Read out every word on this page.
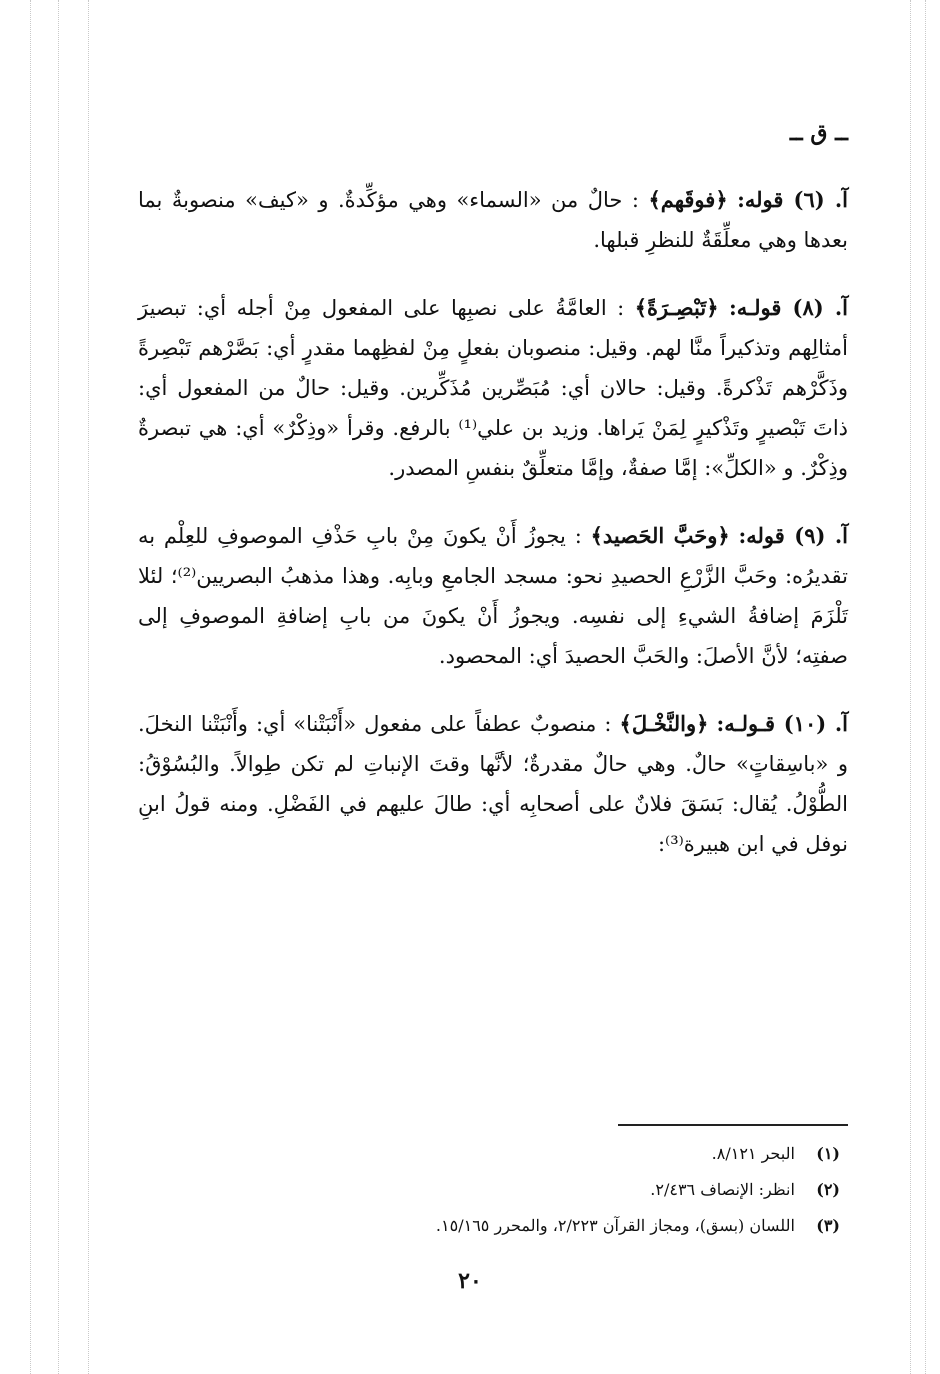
ــ ق ــ

آ. (٦) قوله: ﴿فوقَهم﴾ : حالٌ من «السماء» وهي مؤكِّدةٌ. و «كيف» منصوبةٌ بما بعدها وهي معلِّقَةٌ للنظرِ قبلها.

آ. (٨) قولـه: ﴿تَبْصِـرَةً﴾ : العامَّةُ على نصبِها على المفعول مِنْ أجله أي: تبصيرَ أمثالِهم وتذكيراً منَّا لهم. وقيل: منصوبان بفعلٍ مِنْ لفظِهما مقدرٍ أي: بَصَّرْهم تَبْصِرةً وذَكَّرْهم تَذْكرةً. وقيل: حالان أي: مُبَصِّرين مُذَكِّرين. وقيل: حالٌ من المفعول أي: ذاتَ تَبْصيرٍ وتَذْكيرٍ لِمَنْ يَراها. وزيد بن علي⁽¹⁾ بالرفع. وقرأ «وذِكْرٌ» أي: هي تبصرةٌ وذِكْرٌ. و «الكلِّ»: إمَّا صفةٌ، وإمَّا متعلِّقٌ بنفسِ المصدر.

آ. (٩) قوله: ﴿وحَبَّ الحَصيد﴾ : يجوزُ أَنْ يكونَ مِنْ بابِ حَذْفِ الموصوفِ للعِلْم به تقديرُه: وحَبَّ الزَّرْعِ الحصيدِ نحو: مسجد الجامعِ وبابِه. وهذا مذهبُ البصريين⁽²⁾؛ لئلا تَلْزَمَ إضافةُ الشيءِ إلى نفسِه. ويجوزُ أَنْ يكونَ من بابِ إضافةِ الموصوفِ إلى صفتِه؛ لأنَّ الأصلَ: والحَبَّ الحصيدَ أي: المحصود.

آ. (١٠) قـولـه: ﴿والنَّخْـلَ﴾ : منصوبٌ عطفاً على مفعول «أَنْبَتْنا» أي: وأَنْبَتْنا النخلَ. و «باسِقاتٍ» حالٌ. وهي حالٌ مقدرةٌ؛ لأنَّها وقتَ الإنباتِ لم تكن طِوالاً. والبُسُوْقُ: الطُّوْلُ. يُقال: بَسَقَ فلانٌ على أصحابِه أي: طالَ عليهم في الفَضْلِ. ومنه قولُ ابنِ نوفل في ابن هبيرة⁽³⁾:

(١) البحر ٨/١٢١.
(٢) انظر: الإنصاف ٢/٤٣٦.
(٣) اللسان (بسق)، ومجاز القرآن ٢/٢٢٣، والمحرر ١٥/١٦٥.
٢٠
